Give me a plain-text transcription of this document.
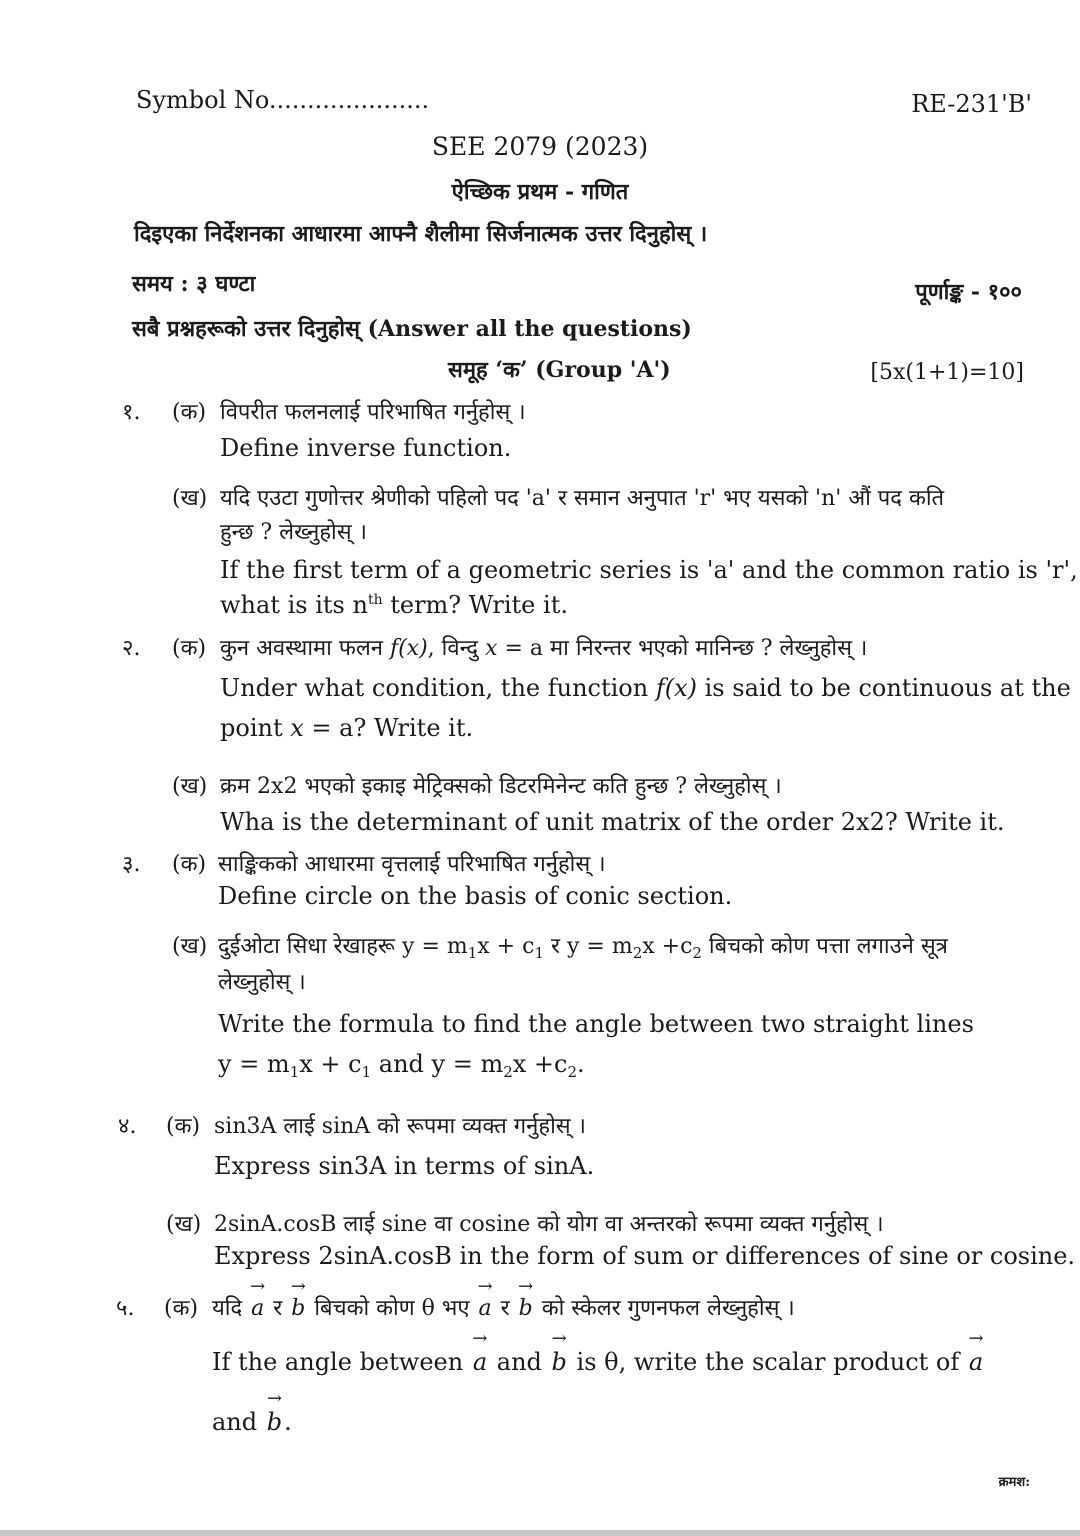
Symbol No.....................	RE-231'B'
SEE 2079 (2023)
ऐच्छिक प्रथम - गणित
दिइएका निर्देशनका आधारमा आफ्नै शैलीमा सिर्जनात्मक उत्तर दिनुहोस् ।
समय : ३ घण्टा	पूर्णाङ्क - १००
सबै प्रश्नहरूको उत्तर दिनुहोस् (Answer all the questions)
समूह ‘क’ (Group 'A')	[5x(1+1)=10]
१. (क) विपरीत फलनलाई परिभाषित गर्नुहोस् ।
Define inverse function.
(ख) यदि एउटा गुणोत्तर श्रेणीको पहिलो पद 'a' र समान अनुपात 'r' भए यसको 'n' औं पद कति
हुन्छ ? लेख्नुहोस् ।
If the first term of a geometric series is 'a' and the common ratio is 'r',
what is its $n^{th}$ term? Write it.
२. (क) कुन अवस्थामा फलन f(x), विन्दु x = a मा निरन्तर भएको मानिन्छ ? लेख्नुहोस् ।
Under what condition, the function f(x) is said to be continuous at the
point x = a? Write it.
(ख) क्रम 2x2 भएको इकाइ मेट्रिक्सको डिटरमिनेन्ट कति हुन्छ ? लेख्नुहोस् ।
Wha is the determinant of unit matrix of the order 2x2? Write it.
३. (क) साङ्किकको आधारमा वृत्तलाई परिभाषित गर्नुहोस् ।
Define circle on the basis of conic section.
(ख) दुईओटा सिधा रेखाहरू $y = m_1x + c_1$ र $y = m_2x +c_2$ बिचको कोण पत्ता लगाउने सूत्र
लेख्नुहोस् ।
Write the formula to find the angle between two straight lines
$y = m_1x + c_1$ and $y = m_2x +c_2$.
४. (क) sin3A लाई sinA को रूपमा व्यक्त गर्नुहोस् ।
Express sin3A in terms of sinA.
(ख) 2sinA.cosB लाई sine वा cosine को योग वा अन्तरको रूपमा व्यक्त गर्नुहोस् ।
Express 2sinA.cosB in the form of sum or differences of sine or cosine.
५. (क) यदि → a र → b बिचको कोण θ भए → a र → b को स्केलर गुणनफल लेख्नुहोस् ।
If the angle between → a and → b is θ, write the scalar product of → a
and → b.
क्रमश:
